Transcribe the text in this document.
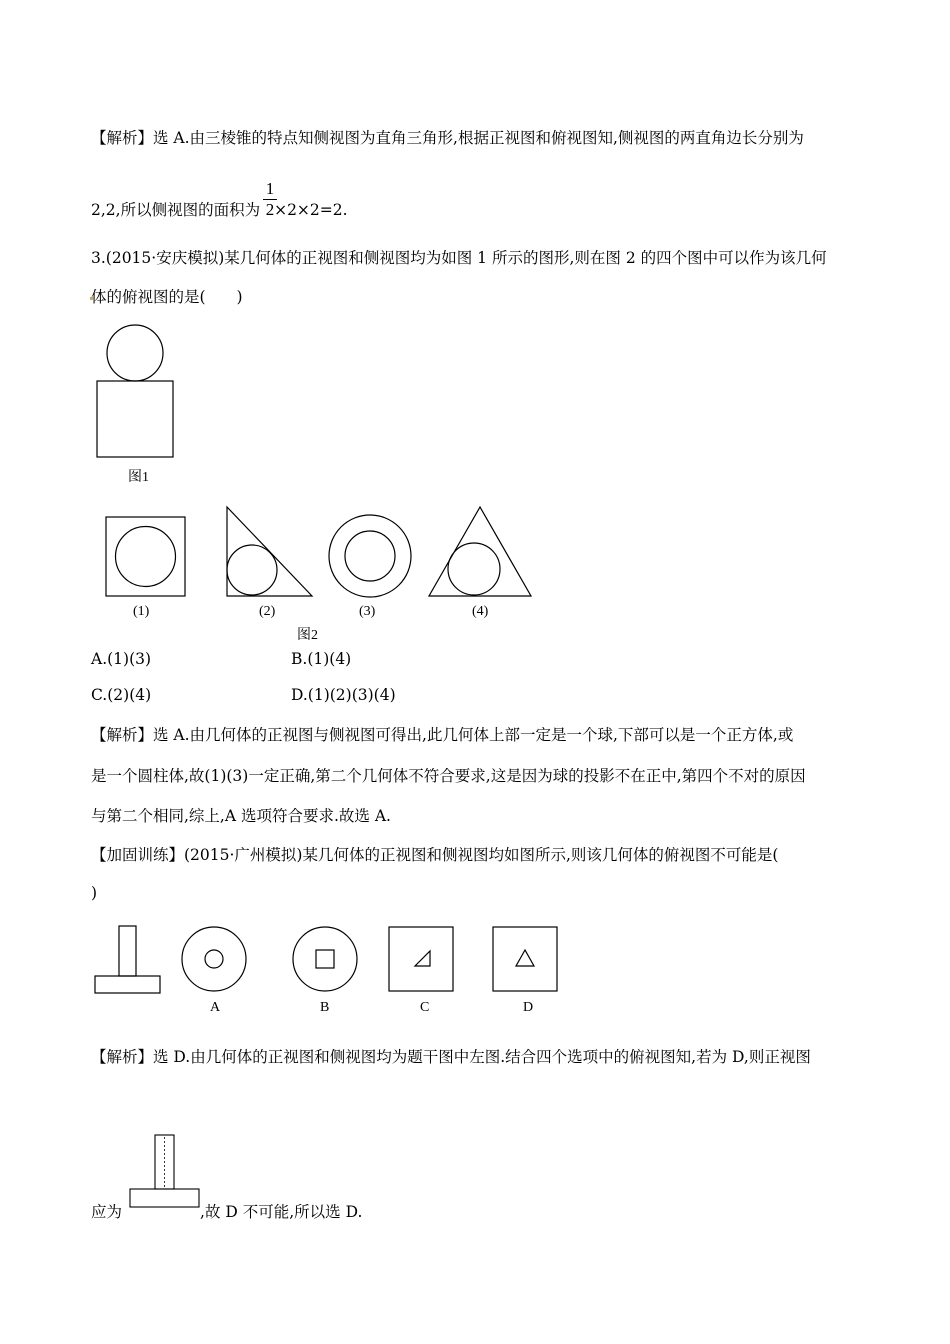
【解析】选 A.由三棱锥的特点知侧视图为直角三角形,根据正视图和俯视图知,侧视图的两直角边长分别为
2,2,所以侧视图的面积为 ×2×2=2.
1
2
3.(2015·安庆模拟)某几何体的正视图和侧视图均为如图 1 所示的图形,则在图 2 的四个图中可以作为该几何
体的俯视图的是(　　)
图1
(1)	(2)	(3)	(4)
图2
A.(1)(3)	B.(1)(4)
C.(2)(4)	D.(1)(2)(3)(4)
【解析】选 A.由几何体的正视图与侧视图可得出,此几何体上部一定是一个球,下部可以是一个正方体,或
是一个圆柱体,故(1)(3)一定正确,第二个几何体不符合要求,这是因为球的投影不在正中,第四个不对的原因
与第二个相同,综上,A 选项符合要求.故选 A.
【加固训练】(2015·广州模拟)某几何体的正视图和侧视图均如图所示,则该几何体的俯视图不可能是(
)
A	B	C	D
【解析】选 D.由几何体的正视图和侧视图均为题干图中左图.结合四个选项中的俯视图知,若为 D,则正视图
应为	,故 D 不可能,所以选 D.
